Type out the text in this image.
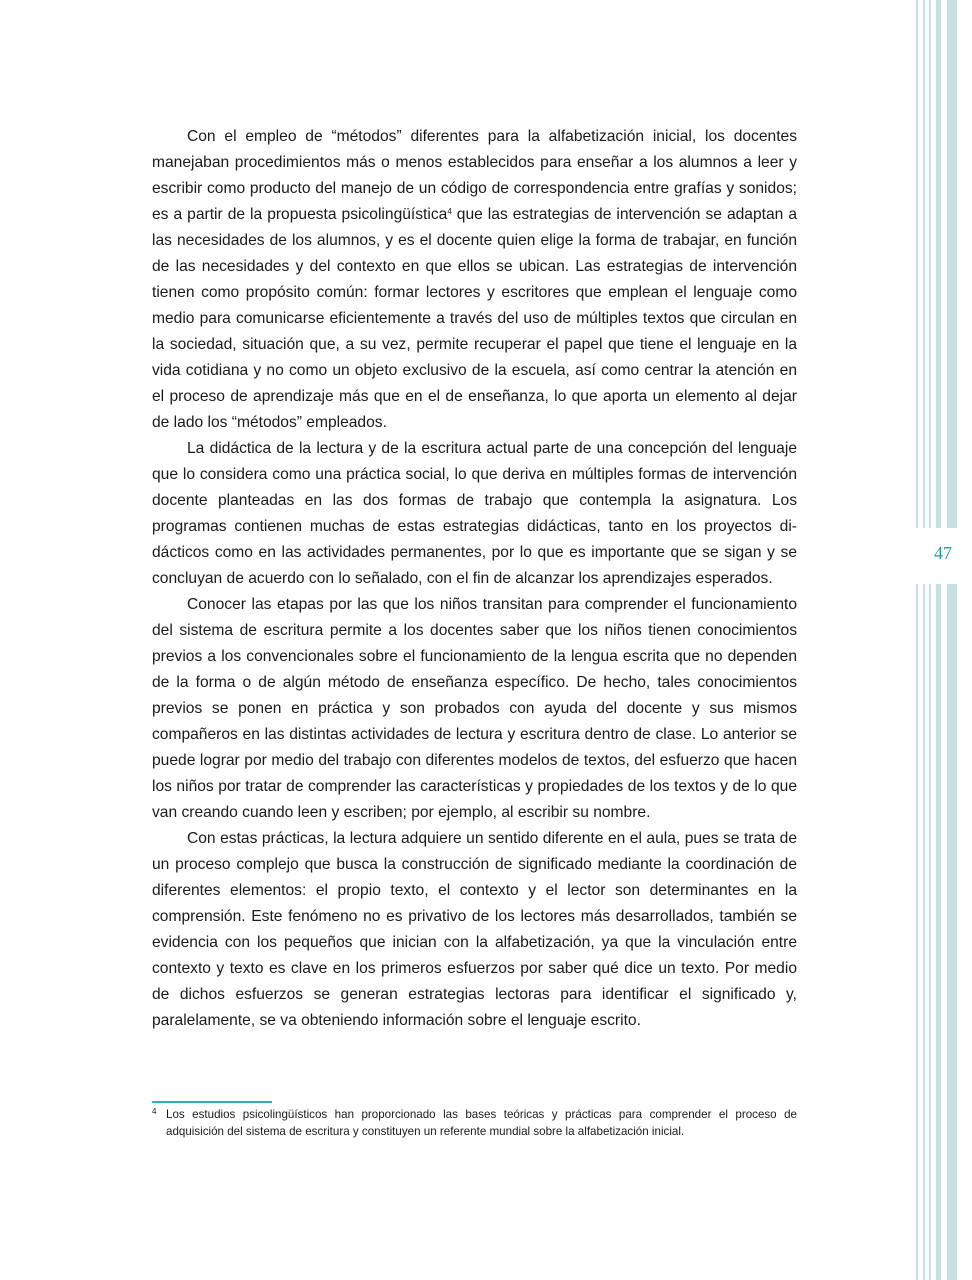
47

Con el empleo de “métodos” diferentes para la alfabetización inicial, los docentes manejaban procedimientos más o menos establecidos para enseñar a los alumnos a leer y escribir como producto del manejo de un código de correspondencia entre grafías y sonidos; es a partir de la propuesta psicolingüística$^4$ que las estrategias de intervención se adaptan a las necesidades de los alumnos, y es el docente quien elige la forma de trabajar, en función de las necesidades y del contexto en que ellos se ubican. Las estrategias de intervención tienen como propósito común: formar lectores y escritores que emplean el lenguaje como medio para comunicarse eficientemente a través del uso de múltiples textos que circulan en la sociedad, situación que, a su vez, permite recuperar el papel que tiene el lenguaje en la vida cotidiana y no como un objeto exclusivo de la escuela, así como centrar la atención en el proceso de aprendizaje más que en el de enseñanza, lo que aporta un elemento al dejar de lado los “métodos” empleados.

La didáctica de la lectura y de la escritura actual parte de una concepción del lenguaje que lo considera como una práctica social, lo que deriva en múltiples formas de intervención docente planteadas en las dos formas de trabajo que contempla la asignatura. Los programas contienen muchas de estas estrategias didácticas, tanto en los proyectos didácticos como en las actividades permanentes, por lo que es importante que se sigan y se concluyan de acuerdo con lo señalado, con el fin de alcanzar los aprendizajes esperados.

Conocer las etapas por las que los niños transitan para comprender el funcionamiento del sistema de escritura permite a los docentes saber que los niños tienen conocimientos previos a los convencionales sobre el funcionamiento de la lengua escrita que no dependen de la forma o de algún método de enseñanza específico. De hecho, tales conocimientos previos se ponen en práctica y son probados con ayuda del docente y sus mismos compañeros en las distintas actividades de lectura y escritura dentro de clase. Lo anterior se puede lograr por medio del trabajo con diferentes modelos de textos, del esfuerzo que hacen los niños por tratar de comprender las características y propiedades de los textos y de lo que van creando cuando leen y escriben; por ejemplo, al escribir su nombre.

Con estas prácticas, la lectura adquiere un sentido diferente en el aula, pues se trata de un proceso complejo que busca la construcción de significado mediante la coordinación de diferentes elementos: el propio texto, el contexto y el lector son determinantes en la comprensión. Este fenómeno no es privativo de los lectores más desarrollados, también se evidencia con los pequeños que inician con la alfabetización, ya que la vinculación entre contexto y texto es clave en los primeros esfuerzos por saber qué dice un texto. Por medio de dichos esfuerzos se generan estrategias lectoras para identificar el significado y, paralelamente, se va obteniendo información sobre el lenguaje escrito.

4 Los estudios psicolingüísticos han proporcionado las bases teóricas y prácticas para comprender el proceso de adquisición del sistema de escritura y constituyen un referente mundial sobre la alfabetización inicial.
